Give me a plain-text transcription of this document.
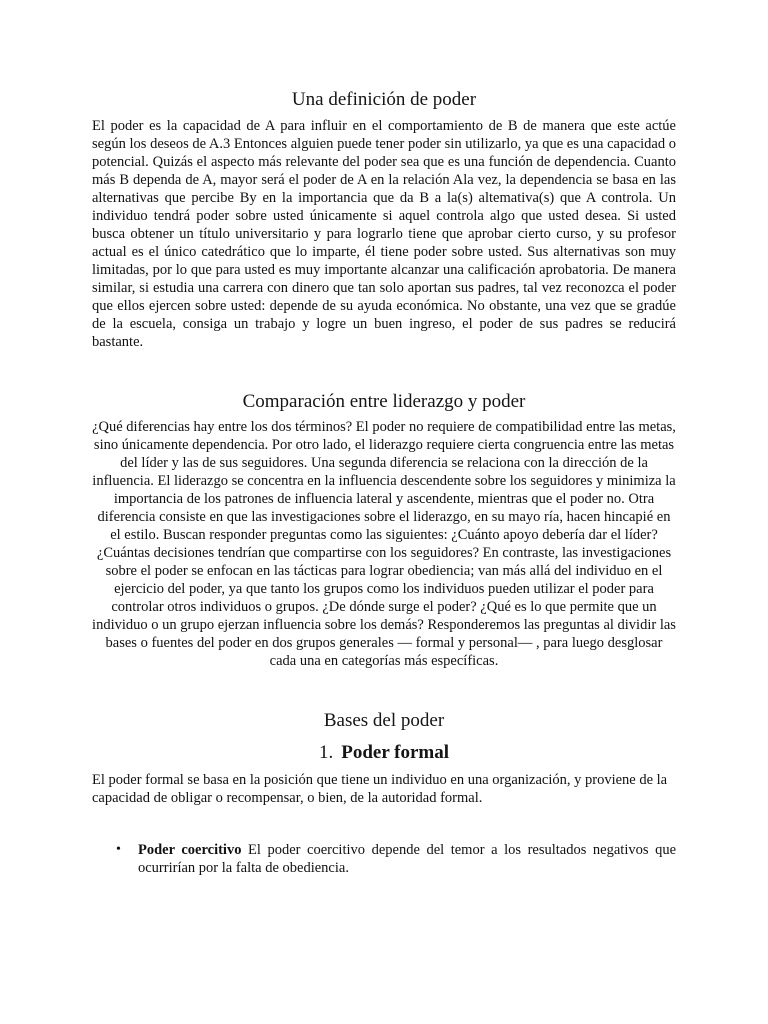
Una definición de poder

El poder es la capacidad de A para influir en el comportamiento de B de manera que este actúe según los deseos de A.3 Entonces alguien puede tener poder sin utilizarlo, ya que es una capacidad o potencial. Quizás el aspecto más relevante del poder sea que es una función de dependencia. Cuanto más B dependa de A, mayor será el poder de A en la relación Ala vez, la dependencia se basa en las alternativas que percibe By en la importancia que da B a la(s) altemativa(s) que A controla. Un individuo tendrá poder sobre usted únicamente si aquel controla algo que usted desea. Si usted busca obtener un título universitario y para lograrlo tiene que aprobar cierto curso, y su profesor actual es el único catedrático que lo imparte, él tiene poder sobre usted. Sus alternativas son muy limitadas, por lo que para usted es muy importante alcanzar una calificación aprobatoria. De manera similar, si estudia una carrera con dinero que tan solo aportan sus padres, tal vez reconozca el poder que ellos ejercen sobre usted: depende de su ayuda económica. No obstante, una vez que se gradúe de la escuela, consiga un trabajo y logre un buen ingreso, el poder de sus padres se reducirá bastante.

Comparación entre liderazgo y poder

¿Qué diferencias hay entre los dos términos? El poder no requiere de compatibilidad entre las metas, sino únicamente dependencia. Por otro lado, el liderazgo requiere cierta congruencia entre las metas del líder y las de sus seguidores. Una segunda diferencia se relaciona con la dirección de la influencia. El liderazgo se concentra en la influencia descendente sobre los seguidores y minimiza la importancia de los patrones de influencia lateral y ascendente, mientras que el poder no. Otra diferencia consiste en que las investigaciones sobre el liderazgo, en su mayo ría, hacen hincapié en el estilo. Buscan responder preguntas como las siguientes: ¿Cuánto apoyo debería dar el líder? ¿Cuántas decisiones tendrían que compartirse con los seguidores? En contraste, las investigaciones sobre el poder se enfocan en las tácticas para lograr obediencia; van más allá del individuo en el ejercicio del poder, ya que tanto los grupos como los individuos pueden utilizar el poder para controlar otros individuos o grupos. ¿De dónde surge el poder? ¿Qué es lo que permite que un individuo o un grupo ejerzan influencia sobre los demás? Responderemos las preguntas al dividir las bases o fuentes del poder en dos grupos generales — formal y personal— , para luego desglosar cada una en categorías más específicas.

Bases del poder
1. Poder formal

El poder formal se basa en la posición que tiene un individuo en una organización, y proviene de la capacidad de obligar o recompensar, o bien, de la autoridad formal.

• Poder coercitivo El poder coercitivo depende del temor a los resultados negativos que ocurrirían por la falta de obediencia.
